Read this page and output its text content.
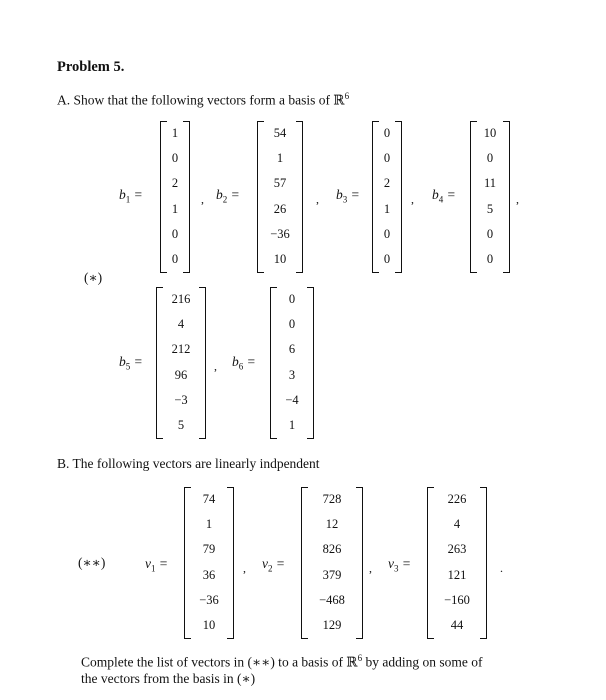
Problem 5.
A. Show that the following vectors form a basis of ℝ$^6$
(∗)
$b_1$ =	$b_2$ =	$b_3$ =	$b_4$ =
,	,	,	,
$b_5$ =	$b_6$ =
,
1
0
2
1
0
0
54
1
57
26
−36
10
0
0
2
1
0
0
10
0
11
5
0
0
216
4
212
96
−3
5
0
0
6
3
−4
1
B. The following vectors are linearly indpendent
(∗∗)	$v_1$ =	$v_2$ =	$v_3$ =
,	,	.
74
1
79
36
−36
10
728
12
826
379
−468
129
226
4
263
121
−160
44
Complete the list of vectors in (∗∗) to a basis of ℝ$^6$ by adding on some of
the vectors from the basis in (∗)
